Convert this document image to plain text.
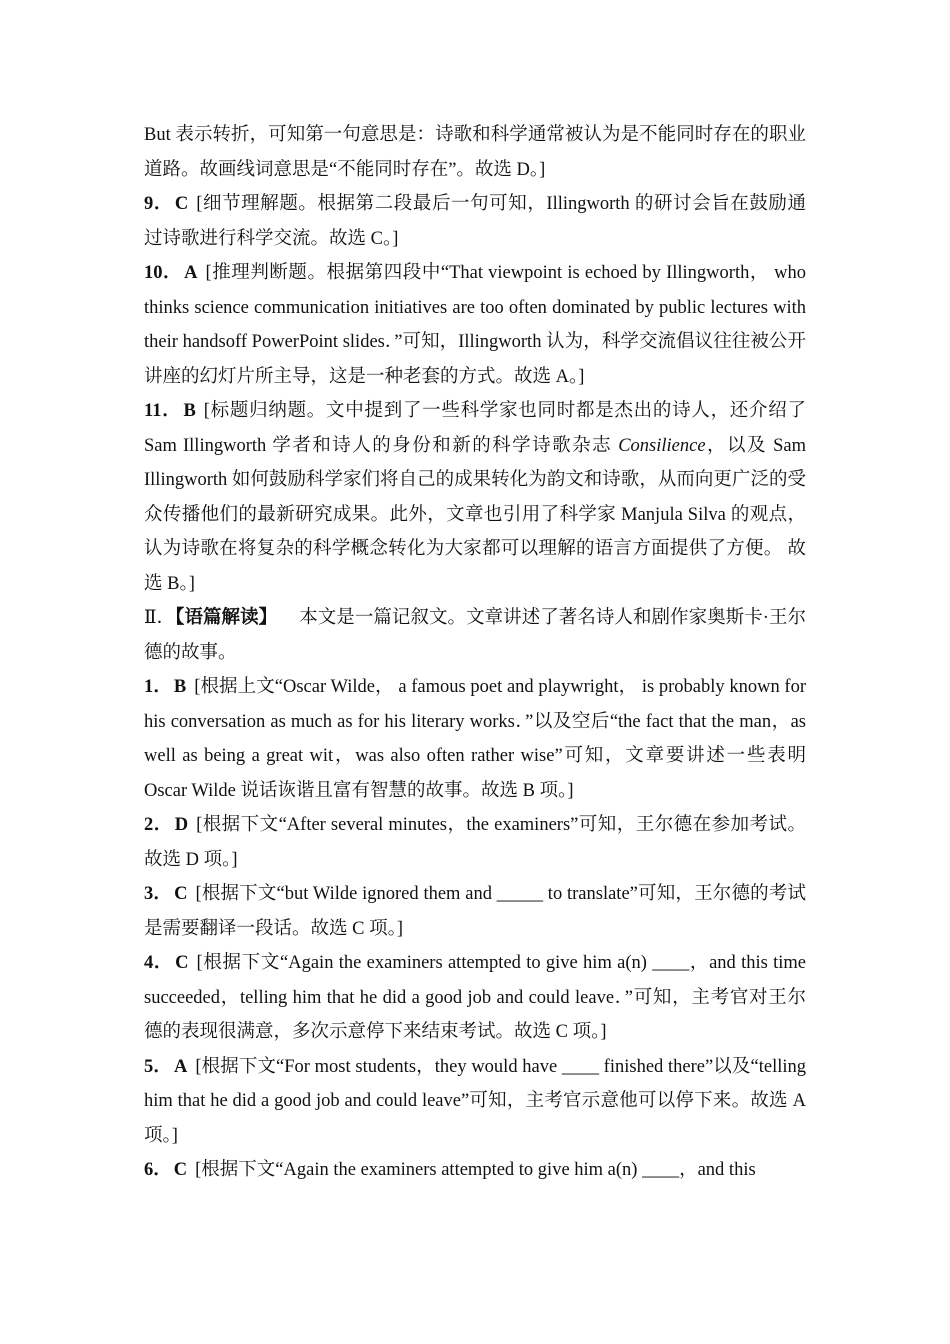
But 表示转折，可知第一句意思是：诗歌和科学通常被认为是不能同时存在的职业道路。故画线词意思是“不能同时存在”。故选 D。]

9． C [细节理解题。根据第二段最后一句可知，Illingworth 的研讨会旨在鼓励通过诗歌进行科学交流。故选 C。]

10． A [推理判断题。根据第四段中“That viewpoint is echoed by Illingworth， who thinks science communication initiatives are too often dominated by public lectures with their handsoff PowerPoint slides．”可知，Illingworth 认为，科学交流倡议往往被公开讲座的幻灯片所主导，这是一种老套的方式。故选 A。]

11． B [标题归纳题。文中提到了一些科学家也同时都是杰出的诗人，还介绍了 Sam Illingworth 学者和诗人的身份和新的科学诗歌杂志 Consilience，以及 Sam Illingworth 如何鼓励科学家们将自己的成果转化为韵文和诗歌，从而向更广泛的受众传播他们的最新研究成果。此外，文章也引用了科学家 Manjula Silva 的观点，认为诗歌在将复杂的科学概念转化为大家都可以理解的语言方面提供了方便。 故选 B。]

Ⅱ．【语篇解读】 本文是一篇记叙文。文章讲述了著名诗人和剧作家奥斯卡·王尔德的故事。

1． B [根据上文“Oscar Wilde， a famous poet and playwright， is probably known for his conversation as much as for his literary works．”以及空后“the fact that the man，as well as being a great wit，was also often rather wise”可知，文章要讲述一些表明 Oscar Wilde 说话诙谐且富有智慧的故事。故选 B 项。]

2． D [根据下文“After several minutes，the examiners”可知，王尔德在参加考试。故选 D 项。]

3． C [根据下文“but Wilde ignored them and _____ to translate”可知，王尔德的考试是需要翻译一段话。故选 C 项。]

4． C [根据下文“Again the examiners attempted to give him a(n) ____，and this time succeeded，telling him that he did a good job and could leave．”可知，主考官对王尔德的表现很满意，多次示意停下来结束考试。故选 C 项。]

5． A [根据下文“For most students，they would have ____ finished there”以及“telling him that he did a good job and could leave”可知，主考官示意他可以停下来。故选 A 项。]

6． C [根据下文“Again the examiners attempted to give him a(n) ____，and this
